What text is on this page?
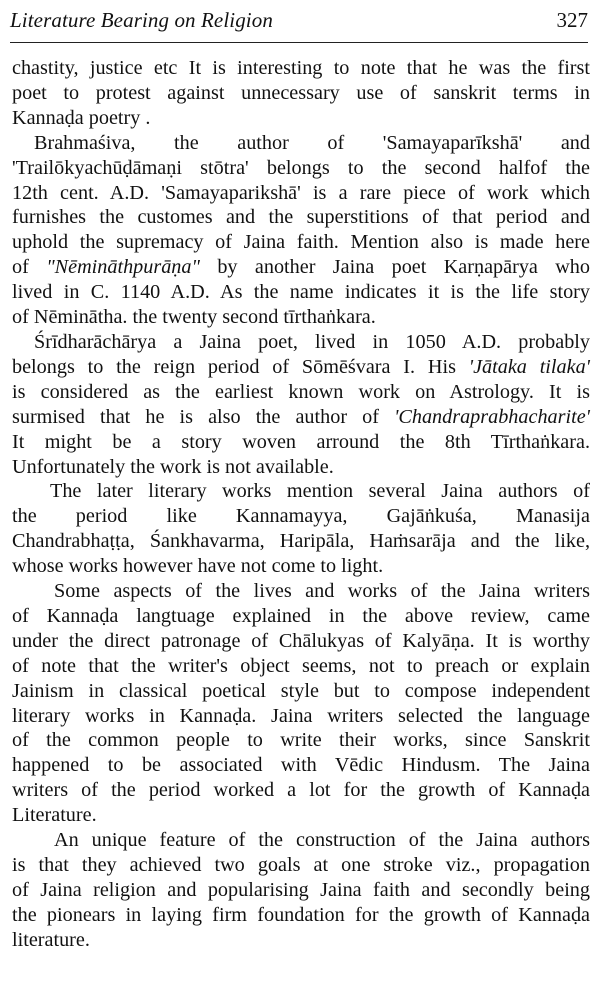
Literature Bearing on Religion	327

chastity, justice etc It is interesting to note that he was the first
poet to protest against unnecessary use of sanskrit terms in
Kannaḍa poetry .

Brahmaśiva, the author of 'Samayaparīkshā' and
'Trailōkyachūḍāmaṇi stōtra' belongs to the second halfof the
12th cent. A.D. 'Samayaparikshā' is a rare piece of work which
furnishes the customes and the superstitions of that period and
uphold the supremacy of Jaina faith. Mention also is made here
of "Nēmināthpurāṇa" by another Jaina poet Karṇapārya who
lived in C. 1140 A.D. As the name indicates it is the life story
of Nēminātha. the twenty second tīrthaṅkara.

Śrīdharāchārya a Jaina poet, lived in 1050 A.D. probably
belongs to the reign period of Sōmēśvara I. His 'Jātaka tilaka'
is considered as the earliest known work on Astrology. It is
surmised that he is also the author of 'Chandraprabhacharite'
It might be a story woven arround the 8th Tīrthaṅkara.
Unfortunately the work is not available.

The later literary works mention several Jaina authors of
the period like Kannamayya, Gajāṅkuśa, Manasija
Chandrabhaṭṭa, Śankhavarma, Haripāla, Haṁsarāja and the like,
whose works however have not come to light.

Some aspects of the lives and works of the Jaina writers
of Kannaḍa langtuage explained in the above review, came
under the direct patronage of Chālukyas of Kalyāṇa. It is worthy
of note that the writer's object seems, not to preach or explain
Jainism in classical poetical style but to compose independent
literary works in Kannaḍa. Jaina writers selected the language
of the common people to write their works, since Sanskrit
happened to be associated with Vēdic Hindusm. The Jaina
writers of the period worked a lot for the growth of Kannaḍa
Literature.

An unique feature of the construction of the Jaina authors
is that they achieved two goals at one stroke viz., propagation
of Jaina religion and popularising Jaina faith and secondly being
the pionears in laying firm foundation for the growth of Kannaḍa
literature.
